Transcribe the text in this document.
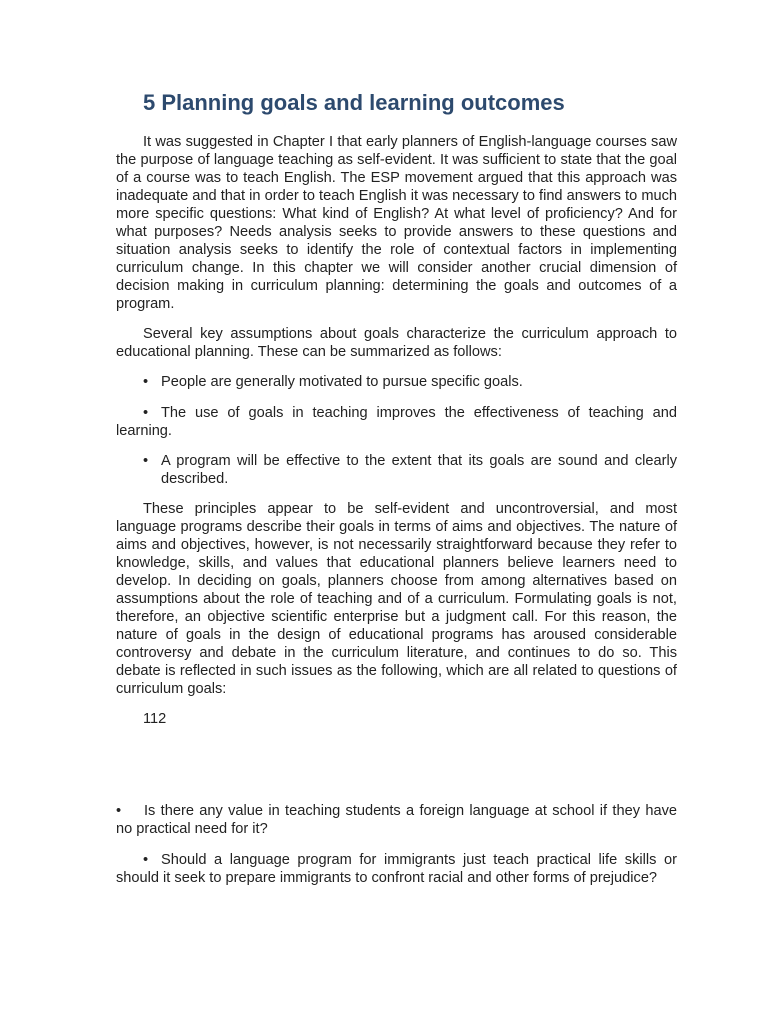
5 Planning goals and learning outcomes

It was suggested in Chapter I that early planners of English-language courses saw the purpose of language teaching as self-evident. It was sufficient to state that the goal of a course was to teach English. The ESP movement argued that this approach was inadequate and that in order to teach English it was necessary to find answers to much more specific questions: What kind of English? At what level of proficiency? And for what purposes? Needs analysis seeks to provide answers to these questions and situation analysis seeks to identify the role of contextual factors in implementing curriculum change. In this chapter we will consider another crucial dimension of decision making in curriculum planning: determining the goals and outcomes of a program.

Several key assumptions about goals characterize the curriculum approach to educational planning. These can be summarized as follows:

• People are generally motivated to pursue specific goals.

• The use of goals in teaching improves the effectiveness of teaching and learning.

• A program will be effective to the extent that its goals are sound and clearly described.

These principles appear to be self-evident and uncontroversial, and most language programs describe their goals in terms of aims and objectives. The nature of aims and objectives, however, is not necessarily straightforward because they refer to knowledge, skills, and values that educational planners believe learners need to develop. In deciding on goals, planners choose from among alternatives based on assumptions about the role of teaching and of a curriculum. Formulating goals is not, therefore, an objective scientific enterprise but a judgment call. For this reason, the nature of goals in the design of educational programs has aroused considerable controversy and debate in the curriculum literature, and continues to do so. This debate is reflected in such issues as the following, which are all related to questions of curriculum goals:

112

• Is there any value in teaching students a foreign language at school if they have no practical need for it?

• Should a language program for immigrants just teach practical life skills or should it seek to prepare immigrants to confront racial and other forms of prejudice?
